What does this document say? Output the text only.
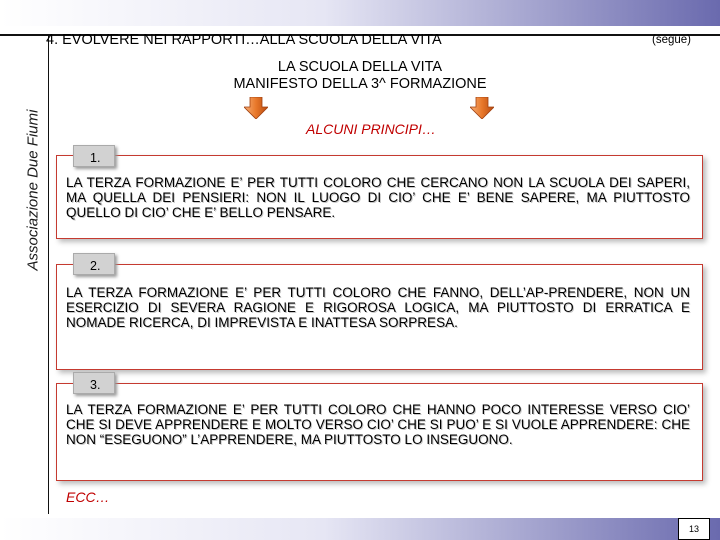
4. EVOLVERE NEI RAPPORTI…ALLA SCUOLA DELLA VITA	(segue)
Associazione Due Fiumi
LA SCUOLA DELLA VITA
MANIFESTO DELLA 3^ FORMAZIONE
ALCUNI PRINCIPI…
1.
LA TERZA FORMAZIONE E’ PER TUTTI COLORO CHE CERCANO NON LA SCUOLA DEI SAPERI, MA QUELLA DEI PENSIERI: NON IL LUOGO DI CIO’ CHE E’ BENE SAPERE, MA PIUTTOSTO QUELLO DI CIO’ CHE E’ BELLO PENSARE.
2.
LA TERZA FORMAZIONE E’ PER TUTTI COLORO CHE FANNO, DELL’AP-PRENDERE, NON UN ESERCIZIO DI SEVERA RAGIONE E RIGOROSA LOGICA, MA PIUTTOSTO DI ERRATICA E NOMADE RICERCA, DI IMPREVISTA E INATTESA SORPRESA.
3.
LA TERZA FORMAZIONE E’ PER TUTTI COLORO CHE HANNO POCO INTERESSE VERSO CIO’ CHE SI DEVE APPRENDERE E MOLTO VERSO CIO’ CHE SI PUO’ E SI VUOLE APPRENDERE: CHE NON “ESEGUONO” L’APPRENDERE, MA PIUTTOSTO LO INSEGUONO.
ECC…
13
